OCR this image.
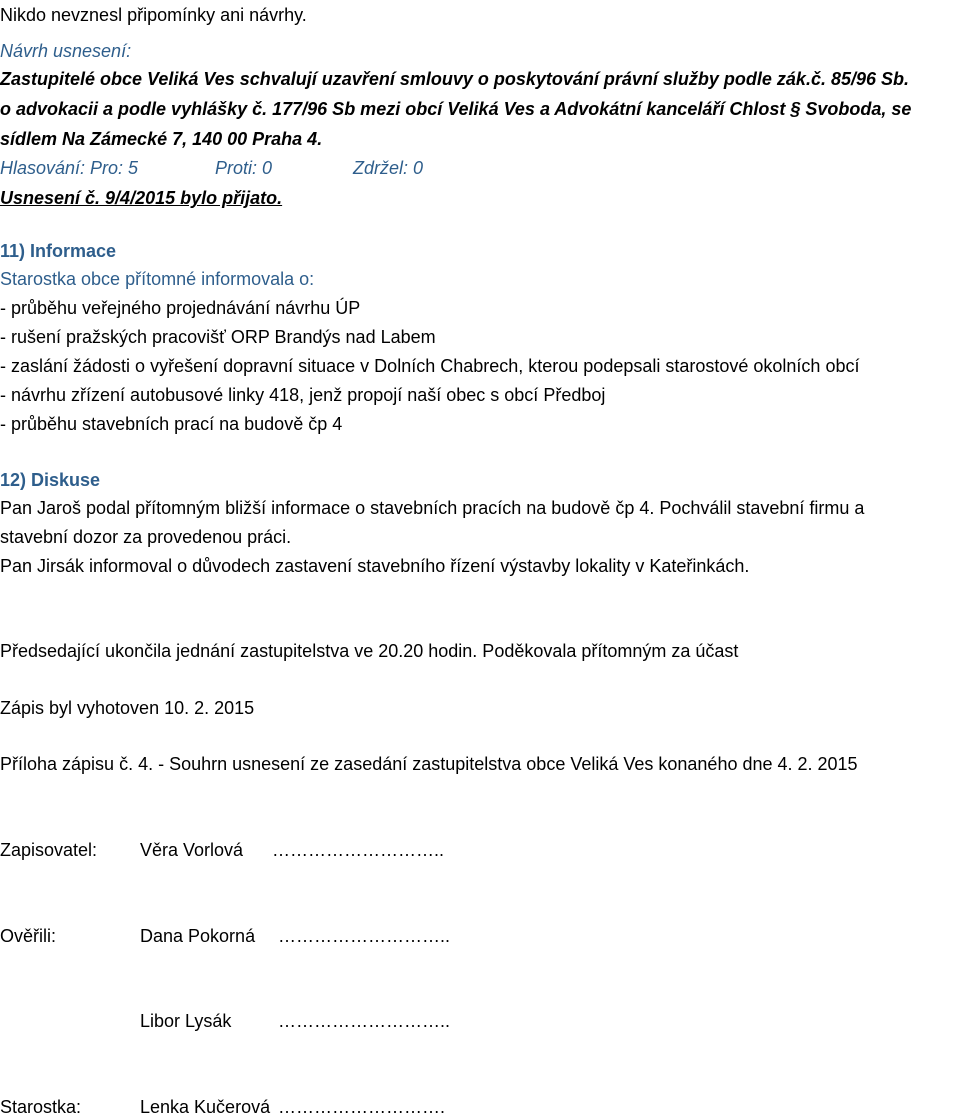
Nikdo nevznesl připomínky ani návrhy.
Návrh usnesení:
Zastupitelé obce Veliká Ves schvalují uzavření smlouvy o poskytování právní služby podle zák.č. 85/96 Sb.
o advokacii a podle vyhlášky č. 177/96 Sb mezi obcí Veliká Ves a Advokátní kanceláří Chlost § Svoboda, se
sídlem Na Zámecké 7, 140 00 Praha 4.
Hlasování: Pro: 5	Proti: 0	Zdržel: 0
Usnesení č. 9/4/2015 bylo přijato.
11) Informace
Starostka obce přítomné informovala o:
- průběhu veřejného projednávání návrhu ÚP
- rušení pražských pracovišť ORP Brandýs nad Labem
- zaslání žádosti o vyřešení dopravní situace v Dolních Chabrech, kterou podepsali starostové okolních obcí
- návrhu zřízení autobusové linky 418, jenž propojí naší obec s obcí Předboj
- průběhu stavebních prací na budově čp 4
12) Diskuse
Pan Jaroš podal přítomným bližší informace o stavebních pracích na budově čp 4. Pochválil stavební firmu a
stavební dozor za provedenou práci.
Pan Jirsák informoval o důvodech zastavení stavebního řízení výstavby lokality v Kateřinkách.
Předsedající ukončila jednání zastupitelstva ve 20.20 hodin. Poděkovala přítomným za účast
Zápis byl vyhotoven 10. 2. 2015
Příloha zápisu č. 4. - Souhrn usnesení ze zasedání zastupitelstva obce Veliká Ves konaného dne 4. 2. 2015
Zapisovatel: Věra Vorlová ………………………..
Ověřili:	Dana Pokorná ………………………..
Libor Lysák	………………………..
Starostka:	Lenka Kučerová ……………………….
